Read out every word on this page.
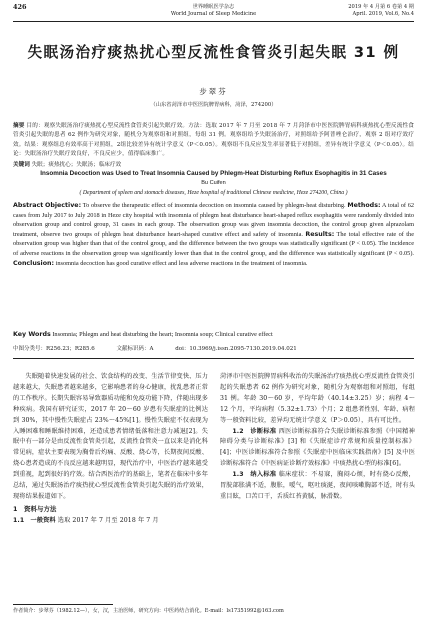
426	世界睡眠医学杂志
World Journal of Sleep Medicine
2019 年 4 月第 6 卷第 4 期
April. 2019, Vol.6, No.4
失眠汤治疗痰热扰心型反流性食管炎引起失眠 31 例
步翠芬
（山东省菏泽市中医医院脾胃病科，菏泽，274200）
摘要 目的：观察失眠汤治疗痰热扰心型反流性食管炎引起失眠疗效。方法：选取 2017 年 7 月至 2018 年 7 月菏泽市中医医院脾胃病科痰热扰心型反流性食管炎引起失眠的患者 62 例作为研究对象，随机分为观察组和对照组，每组 31 例。观察组给予失眠汤治疗，对照组给予阿普唑仑治疗，观察 2 组对疗效疗效。结果：观察组总有效率高于对照组，2组比较差异有统计学意义（P＜0.05）。观察组不良反应发生率显著低于对照组，差异有统计学意义（P＜0.05）。结论：失眠汤治疗失眠疗效良好，不良反应少，值得临床推广。
关键词 失眠；痰热扰心；失眠汤；临床疗效
Insomnia Decoction was Used to Treat Insomnia Caused by Phlegm-Heat Disturbing Reflux Esophagitis in 31 Cases
Bu Cuifen
( Department of spleen and stomach diseases, Heze hospital of traditional Chinese medicine, Heze 274200, China )
Abstract Objective: To observe the therapeutic effect of insomnia decoction on insomnia caused by phlegm-heat disturbing. Methods: A total of 62 cases from July 2017 to July 2018 in Heze city hospital with insomnia of phlegm heat disturbance heart-shaped reflux esophagitis were randomly divided into observation group and control group, 31 cases in each group. The observation group was given insomnia decoction, the control group given alprazolam treatment, observe two groups of phlegm heat disturbance heart-shaped curative effect and safety of insomnia. Results: The total effective rate of the observation group was higher than that of the control group, and the difference between the two groups was statistically significant (P < 0.05). The incidence of adverse reactions in the observation group was significantly lower than that in the control group, and the difference was statistically significant (P < 0.05). Conclusion: insomnia decoction has good curative effect and less adverse reactions in the treatment of insomnia.
Key Words Insomnia; Phlegm and heat disturbing the heart; Insomnia soup; Clinical curative effect
中图分类号：R256.23；R285.6	文献标识码：A	doi：10.3969/j.issn.2095-7130.2019.04.021

失眠随着快速发展的社会、饮食结构的改变、生活节律变快、压力越来越大，失眠患者越来越多，它影响患者的身心健康，扰乱患者正常的工作秩序。长期失眠容易导致器质功能和免疫功能下降，伴随出现多种疾病。我国有研究证实，2017 年 20～60 岁患有失眠症的比例达到 30%，其中慢性失眠症占 23%～45%[1]。慢性失眠症不仅表现为入睡困难和睡眠维持困难，还造成患者情绪低落和注意力减退[2]。失眠中有一部分是由反流性食管炎引起，反流性食管炎一直以来是消化科常见病，症状主要表现为胸骨后灼痛、反酸、烧心等，长期夜间反酸、烧心患者造成的不良反应越来越明显，现代治疗中，中医治疗越来越受到重视，起到很好的疗效。结合西医治疗的基础上，笔者在临床中多年总结，通过失眠汤治疗痰热扰心型反流性食管炎引起失眠的治疗效果，现将结果报道如下。

1　资料与方法

1.1　一般资料 选取 2017 年 7 月至 2018 年 7 月

菏泽市中医医院脾胃病科收治的失眠汤治疗痰热扰心型反流性食管炎引起的失眠患者 62 例作为研究对象，随机分为观察组和对照组，每组 31 例。年龄 30～60 岁，平均年龄（40.14±3.25）岁；病程 4～12 个月，平均病程（5.32±1.73）个月；2 组患者性别、年龄、病程等一般资料比较，差异均无统计学意义（P＞0.05），具有可比性。

1.2　诊断标准 西医诊断标准符合失眠诊断标准参照《中国精神障碍分类与诊断标准》[3] 和《失眠症诊疗常规和质量控制标准》[4]；中医诊断标准符合参照《失眠症中医临床实践指南》[5] 及中医诊断标准符合《中医病证诊断疗效标准》中痰热扰心型的标准[6]。

1.3　纳入标准 临床症状：不易寐，胸闷心烦，时有烧心反酸，胃脘部胀满不适，腹胀，嗳气，呕吐痰涎，夜间咳嗽胸部不适，时有头重目眩，口苦口干，舌质红苔黄腻，脉滑数。

作者简介：步翠芬（1982.12—），女，汉，主治医师，研究方向：中医药结合消化。E-mail：ls17351992@163.com
